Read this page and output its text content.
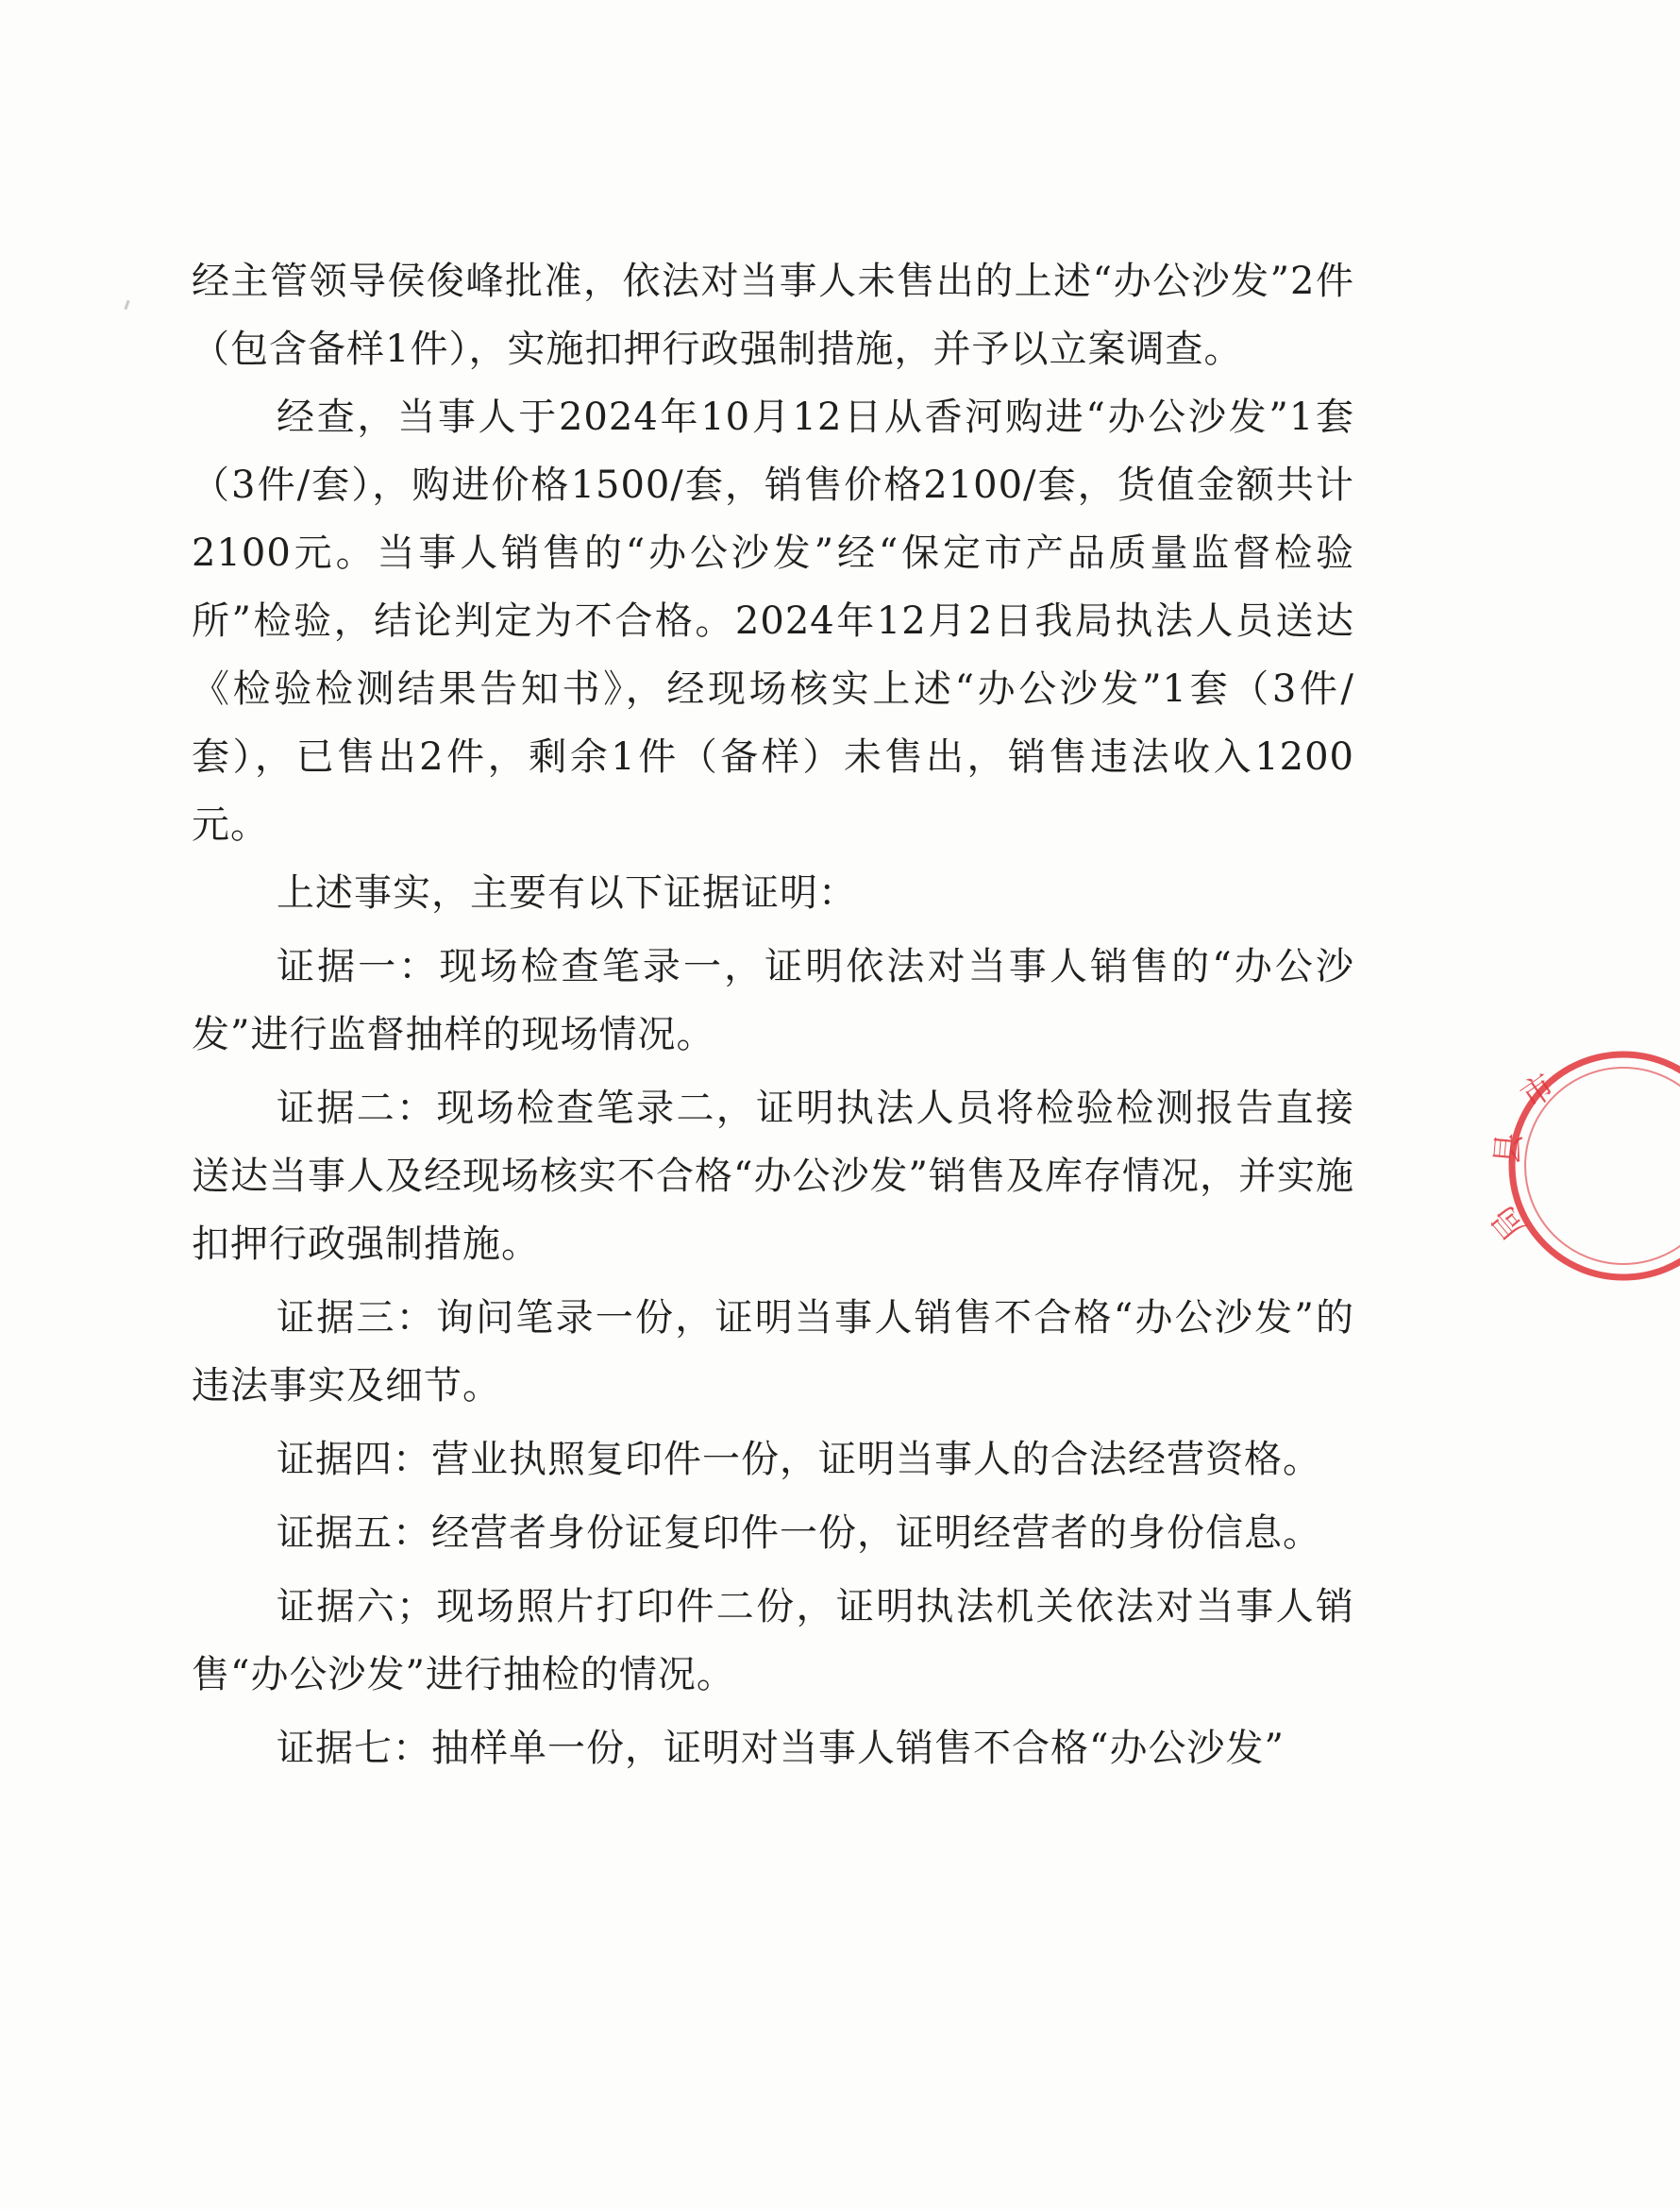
经主管领导侯俊峰批准，依法对当事人未售出的上述“办公沙发”2件（包含备样1件），实施扣押行政强制措施，并予以立案调查。

经查，当事人于2024年10月12日从香河购进“办公沙发”1套（3件/套），购进价格1500/套，销售价格2100/套，货值金额共计2100元。当事人销售的“办公沙发”经“保定市产品质量监督检验所”检验，结论判定为不合格。2024年12月2日我局执法人员送达《检验检测结果告知书》，经现场核实上述“办公沙发”1套（3件/套），已售出2件，剩余1件（备样）未售出，销售违法收入1200元。

上述事实，主要有以下证据证明：

证据一：现场检查笔录一，证明依法对当事人销售的“办公沙发”进行监督抽样的现场情况。

证据二：现场检查笔录二，证明执法人员将检验检测报告直接送达当事人及经现场核实不合格“办公沙发”销售及库存情况，并实施扣押行政强制措施。

证据三：询问笔录一份，证明当事人销售不合格“办公沙发”的违法事实及细节。

证据四：营业执照复印件一份，证明当事人的合法经营资格。

证据五：经营者身份证复印件一份，证明经营者的身份信息。

证据六；现场照片打印件二份，证明执法机关依法对当事人销售“办公沙发”进行抽检的情况。

证据七：抽样单一份，证明对当事人销售不合格“办公沙发”

市
县
局
